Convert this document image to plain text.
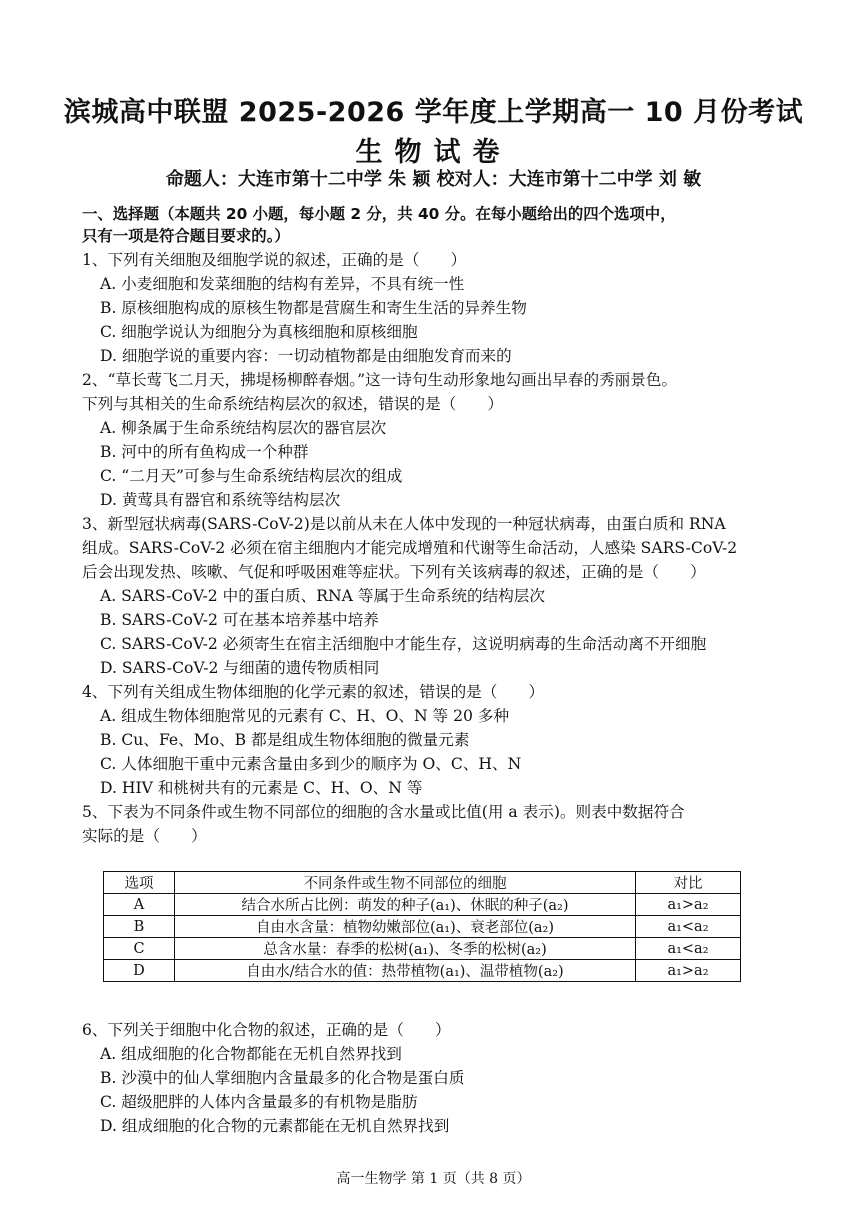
滨城高中联盟 2025-2026 学年度上学期高一 10 月份考试
生物试卷
命题人：大连市第十二中学 朱 颖 校对人：大连市第十二中学 刘 敏
一、选择题（本题共 20 小题，每小题 2 分，共 40 分。在每小题给出的四个选项中，
只有一项是符合题目要求的。）
1、下列有关细胞及细胞学说的叙述，正确的是（　　）
A. 小麦细胞和发菜细胞的结构有差异，不具有统一性
B. 原核细胞构成的原核生物都是营腐生和寄生生活的异养生物
C. 细胞学说认为细胞分为真核细胞和原核细胞
D. 细胞学说的重要内容：一切动植物都是由细胞发育而来的
2、“草长莺飞二月天，拂堤杨柳醉春烟。”这一诗句生动形象地勾画出早春的秀丽景色。
下列与其相关的生命系统结构层次的叙述，错误的是（　　）
A. 柳条属于生命系统结构层次的器官层次
B. 河中的所有鱼构成一个种群
C. “二月天”可参与生命系统结构层次的组成
D. 黄莺具有器官和系统等结构层次
3、新型冠状病毒(SARS-CoV-2)是以前从未在人体中发现的一种冠状病毒，由蛋白质和 RNA
组成。SARS-CoV-2 必须在宿主细胞内才能完成增殖和代谢等生命活动，人感染 SARS-CoV-2
后会出现发热、咳嗽、气促和呼吸困难等症状。下列有关该病毒的叙述，正确的是（　　）
A. SARS-CoV-2 中的蛋白质、RNA 等属于生命系统的结构层次
B. SARS-CoV-2 可在基本培养基中培养
C. SARS-CoV-2 必须寄生在宿主活细胞中才能生存，这说明病毒的生命活动离不开细胞
D. SARS-CoV-2 与细菌的遗传物质相同
4、下列有关组成生物体细胞的化学元素的叙述，错误的是（　　）
A. 组成生物体细胞常见的元素有 C、H、O、N 等 20 多种
B. Cu、Fe、Mo、B 都是组成生物体细胞的微量元素
C. 人体细胞干重中元素含量由多到少的顺序为 O、C、H、N
D. HIV 和桃树共有的元素是 C、H、O、N 等
5、下表为不同条件或生物不同部位的细胞的含水量或比值(用 a 表示)。则表中数据符合
实际的是（　　）
选项	不同条件或生物不同部位的细胞	对比
A	结合水所占比例：萌发的种子(a₁)、休眠的种子(a₂)	a₁>a₂
B	自由水含量：植物幼嫩部位(a₁)、衰老部位(a₂)	a₁<a₂
C	总含水量：春季的松树(a₁)、冬季的松树(a₂)	a₁<a₂
D	自由水/结合水的值：热带植物(a₁)、温带植物(a₂)	a₁>a₂
6、下列关于细胞中化合物的叙述，正确的是（　　）
A. 组成细胞的化合物都能在无机自然界找到
B. 沙漠中的仙人掌细胞内含量最多的化合物是蛋白质
C. 超级肥胖的人体内含量最多的有机物是脂肪
D. 组成细胞的化合物的元素都能在无机自然界找到
高一生物学 第 1 页（共 8 页）
